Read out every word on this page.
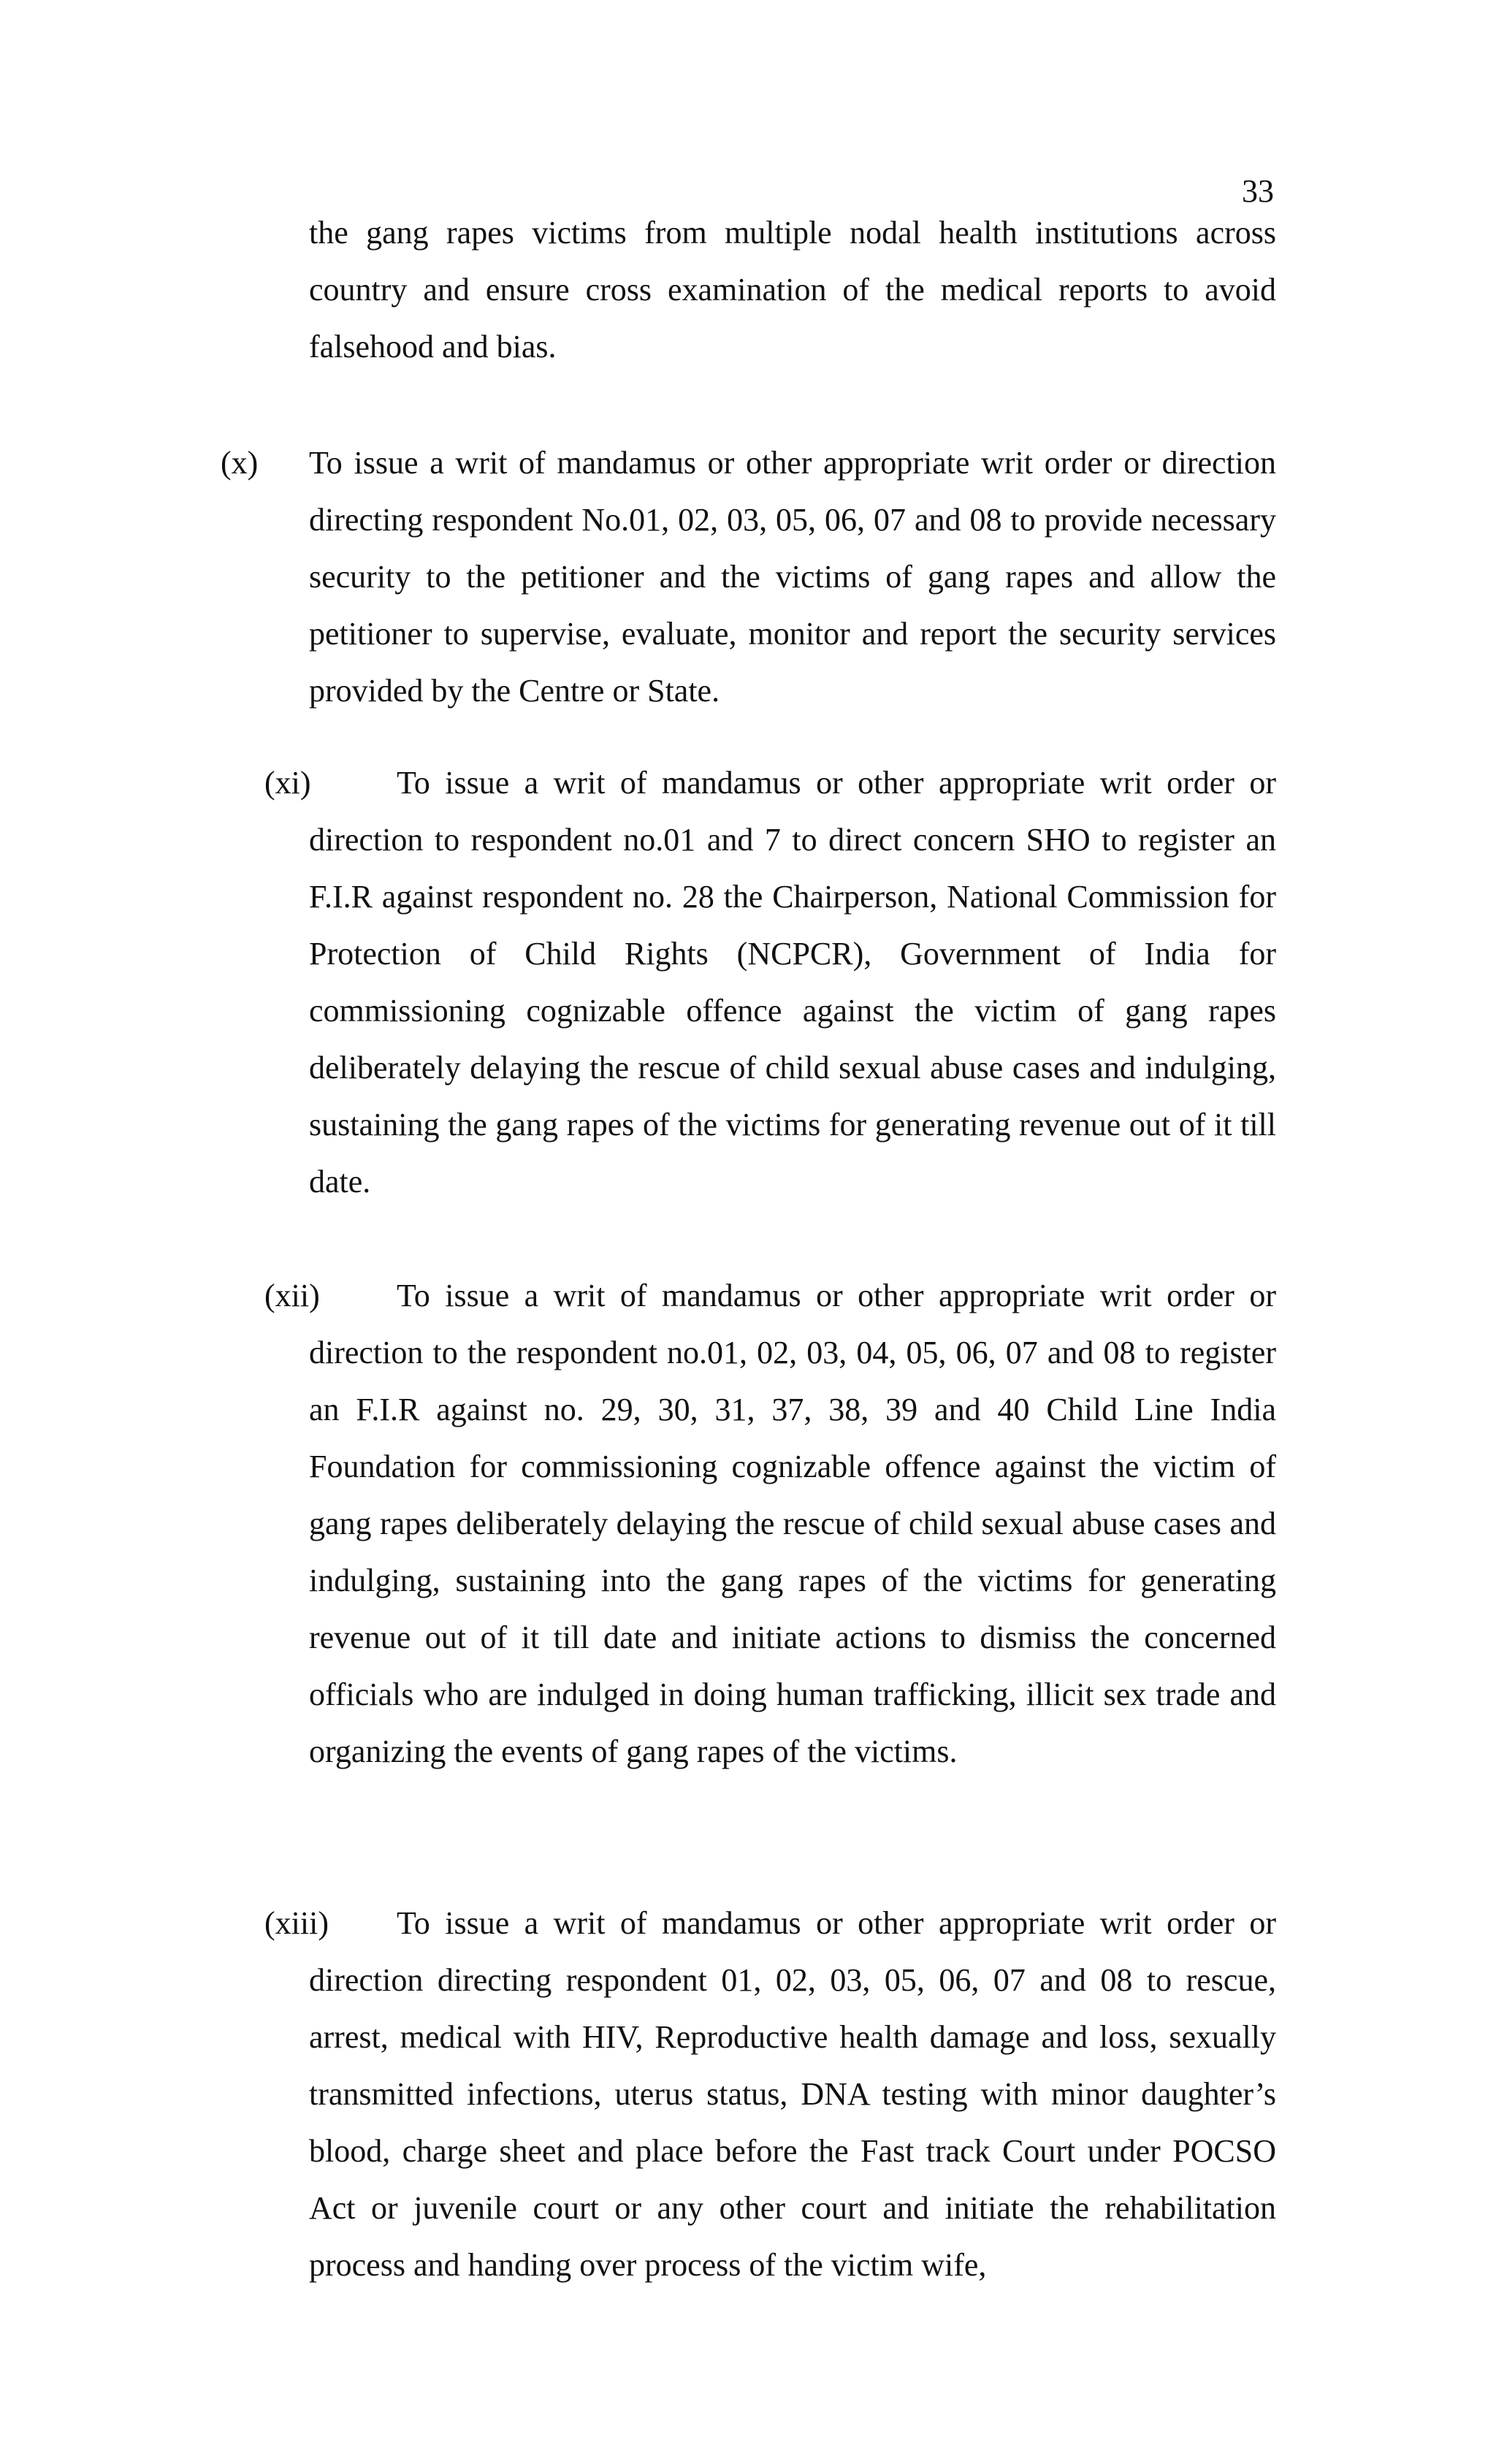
33

the gang rapes victims from multiple nodal health institutions across country and ensure cross examination of the medical reports to avoid falsehood and bias.

(x) To issue a writ of mandamus or other appropriate writ order or direction directing respondent No.01, 02, 03, 05, 06, 07 and 08 to provide necessary security to the petitioner and the victims of gang rapes and allow the petitioner to supervise, evaluate, monitor and report the security services provided by the Centre or State.

(xi)	To issue a writ of mandamus or other appropriate writ order or direction to respondent no.01 and 7 to direct concern SHO to register an F.I.R against respondent no. 28 the Chairperson, National Commission for Protection of Child Rights (NCPCR), Government of India for commissioning cognizable offence against the victim of gang rapes deliberately delaying the rescue of child sexual abuse cases and indulging, sustaining the gang rapes of the victims for generating revenue out of it till date.

(xii)	To issue a writ of mandamus or other appropriate writ order or direction to the respondent no.01, 02, 03, 04, 05, 06, 07 and 08 to register an F.I.R against no. 29, 30, 31, 37, 38, 39 and 40 Child Line India Foundation for commissioning cognizable offence against the victim of gang rapes deliberately delaying the rescue of child sexual abuse cases and indulging, sustaining into the gang rapes of the victims for generating revenue out of it till date and initiate actions to dismiss the concerned officials who are indulged in doing human trafficking, illicit sex trade and organizing the events of gang rapes of the victims.

(xiii)	To issue a writ of mandamus or other appropriate writ order or direction directing respondent 01, 02, 03, 05, 06, 07 and 08 to rescue, arrest, medical with HIV, Reproductive health damage and loss, sexually transmitted infections, uterus status, DNA testing with minor daughter’s blood, charge sheet and place before the Fast track Court under POCSO Act or juvenile court or any other court and initiate the rehabilitation process and handing over process of the victim wife,
